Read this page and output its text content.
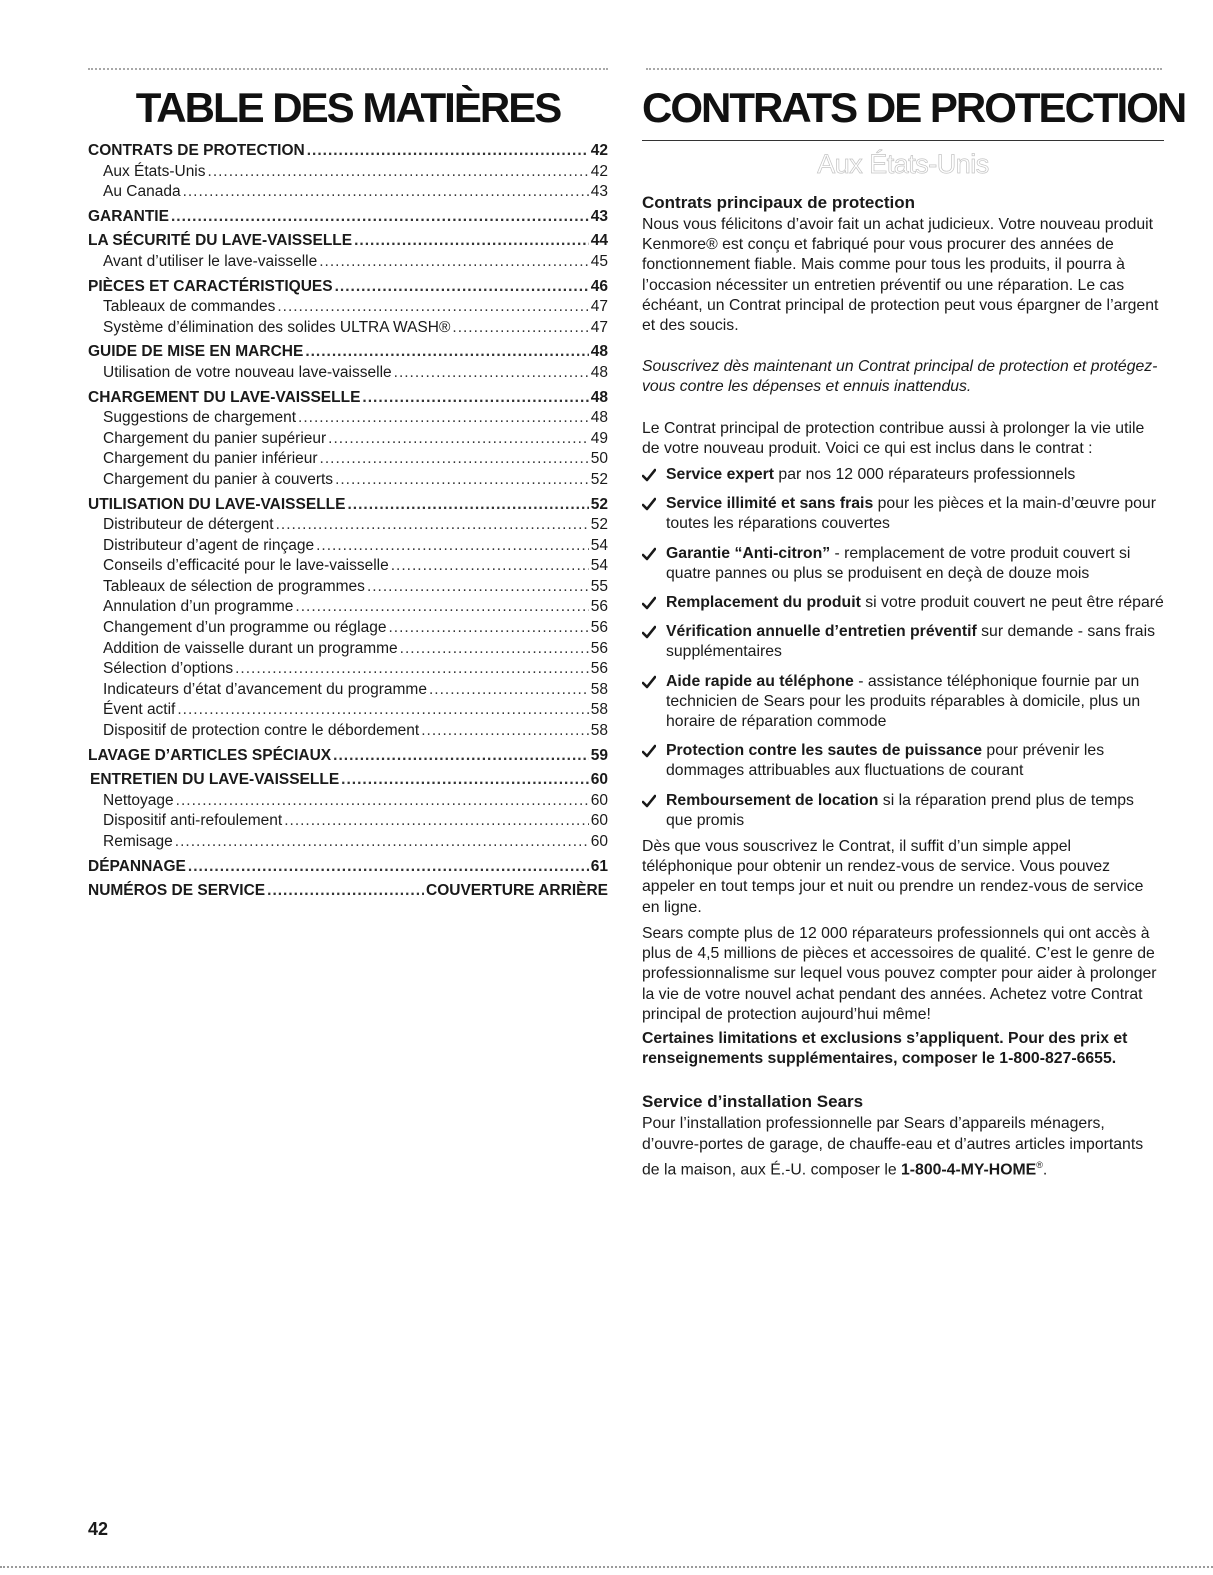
TABLE DES MATIÈRES	CONTRATS DE PROTECTION
CONTRATS DE PROTECTION .....	42
Aux États-Unis .....	42
Au Canada .....	43
GARANTIE .....	43
LA SÉCURITÉ DU LAVE-VAISSELLE .....	44
Avant d’utiliser le lave-vaisselle .....	45
PIÈCES ET CARACTÉRISTIQUES .....	46
Tableaux de commandes .....	47
Système d’élimination des solides ULTRA WASH® .....	47
GUIDE DE MISE EN MARCHE .....	48
Utilisation de votre nouveau lave-vaisselle .....	48
CHARGEMENT DU LAVE-VAISSELLE .....	48
Suggestions de chargement .....	48
Chargement du panier supérieur .....	49
Chargement du panier inférieur .....	50
Chargement du panier à couverts .....	52
UTILISATION DU LAVE-VAISSELLE .....	52
Distributeur de détergent .....	52
Distributeur d’agent de rinçage .....	54
Conseils d’efficacité pour le lave-vaisselle .....	54
Tableaux de sélection de programmes .....	55
Annulation d’un programme .....	56
Changement d’un programme ou réglage .....	56
Addition de vaisselle durant un programme .....	56
Sélection d’options .....	56
Indicateurs d’état d’avancement du programme .....	58
Évent actif .....	58
Dispositif de protection contre le débordement .....	58
LAVAGE D’ARTICLES SPÉCIAUX .....	59
ENTRETIEN DU LAVE-VAISSELLE .....	60
Nettoyage .....	60
Dispositif anti-refoulement .....	60
Remisage .....	60
DÉPANNAGE .....	61
NUMÉROS DE SERVICE .....	COUVERTURE ARRIÈRE
Aux États-Unis
Contrats principaux de protection

Nous vous félicitons d’avoir fait un achat judicieux. Votre nouveau produit Kenmore® est conçu et fabriqué pour vous procurer des années de fonctionnement fiable. Mais comme pour tous les produits, il pourra à l’occasion nécessiter un entretien préventif ou une réparation. Le cas échéant, un Contrat principal de protection peut vous épargner de l’argent et des soucis.

Souscrivez dès maintenant un Contrat principal de protection et protégez-vous contre les dépenses et ennuis inattendus.

Le Contrat principal de protection contribue aussi à prolonger la vie utile de votre nouveau produit. Voici ce qui est inclus dans le contrat :

Service expert par nos 12 000 réparateurs professionnels
Service illimité et sans frais pour les pièces et la main-d’œuvre pour toutes les réparations couvertes
Garantie “Anti-citron” - remplacement de votre produit couvert si quatre pannes ou plus se produisent en deçà de douze mois
Remplacement du produit si votre produit couvert ne peut être réparé
Vérification annuelle d’entretien préventif sur demande - sans frais supplémentaires
Aide rapide au téléphone - assistance téléphonique fournie par un technicien de Sears pour les produits réparables à domicile, plus un horaire de réparation commode
Protection contre les sautes de puissance pour prévenir les dommages attribuables aux fluctuations de courant
Remboursement de location si la réparation prend plus de temps que promis

Dès que vous souscrivez le Contrat, il suffit d’un simple appel téléphonique pour obtenir un rendez-vous de service. Vous pouvez appeler en tout temps jour et nuit ou prendre un rendez-vous de service en ligne.

Sears compte plus de 12 000 réparateurs professionnels qui ont accès à plus de 4,5 millions de pièces et accessoires de qualité. C’est le genre de professionnalisme sur lequel vous pouvez compter pour aider à prolonger la vie de votre nouvel achat pendant des années. Achetez votre Contrat principal de protection aujourd’hui même!

Certaines limitations et exclusions s’appliquent. Pour des prix et renseignements supplémentaires, composer le 1-800-827-6655.

Service d’installation Sears

Pour l’installation professionnelle par Sears d’appareils ménagers, d’ouvre-portes de garage, de chauffe-eau et d’autres articles importants de la maison, aux É.-U. composer le 1-800-4-MY-HOME®.

42
